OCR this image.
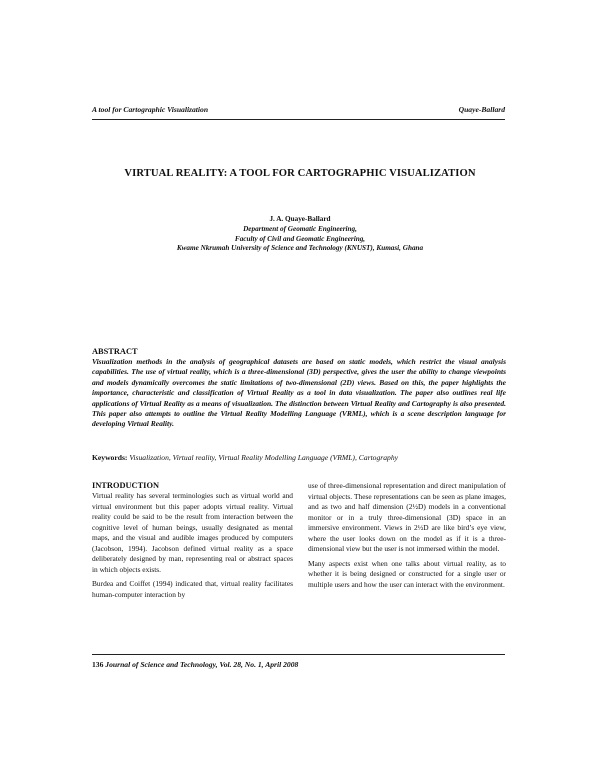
A tool for Cartographic Visualization	Quaye-Ballard
VIRTUAL REALITY: A TOOL FOR CARTOGRAPHIC VISUALIZATION
J. A. Quaye-Ballard
Department of Geomatic Engineering,
Faculty of Civil and Geomatic Engineering,
Kwame Nkrumah University of Science and Technology (KNUST), Kumasi, Ghana
ABSTRACT
Visualization methods in the analysis of geographical datasets are based on static models, which restrict the visual analysis capabilities. The use of virtual reality, which is a three-dimensional (3D) perspective, gives the user the ability to change viewpoints and models dynamically overcomes the static limitations of two-dimensional (2D) views. Based on this, the paper highlights the importance, characteristic and classification of Virtual Reality as a tool in data visualization. The paper also outlines real life applications of Virtual Reality as a means of visualization. The distinction between Virtual Reality and Cartography is also presented. This paper also attempts to outline the Virtual Reality Modelling Language (VRML), which is a scene description language for developing Virtual Reality.
Keywords: Visualization, Virtual reality, Virtual Reality Modelling Language (VRML), Cartography
INTRODUCTION

Virtual reality has several terminologies such as virtual world and virtual environment but this paper adopts virtual reality. Virtual reality could be said to be the result from interaction between the cognitive level of human beings, usually designated as mental maps, and the visual and audible images produced by computers (Jacobson, 1994). Jacobson defined virtual reality as a space deliberately designed by man, representing real or abstract spaces in which objects exists.

Burdea and Coiffet (1994) indicated that, virtual reality facilitates human-computer interaction by

use of three-dimensional representation and direct manipulation of virtual objects. These representations can be seen as plane images, and as two and half dimension (2½D) models in a conventional monitor or in a truly three-dimensional (3D) space in an immersive environment. Views in 2½D are like bird’s eye view, where the user looks down on the model as if it is a three-dimensional view but the user is not immersed within the model.

Many aspects exist when one talks about virtual reality, as to whether it is being designed or constructed for a single user or multiple users and how the user can interact with the environment.

136 Journal of Science and Technology, Vol. 28, No. 1, April 2008
